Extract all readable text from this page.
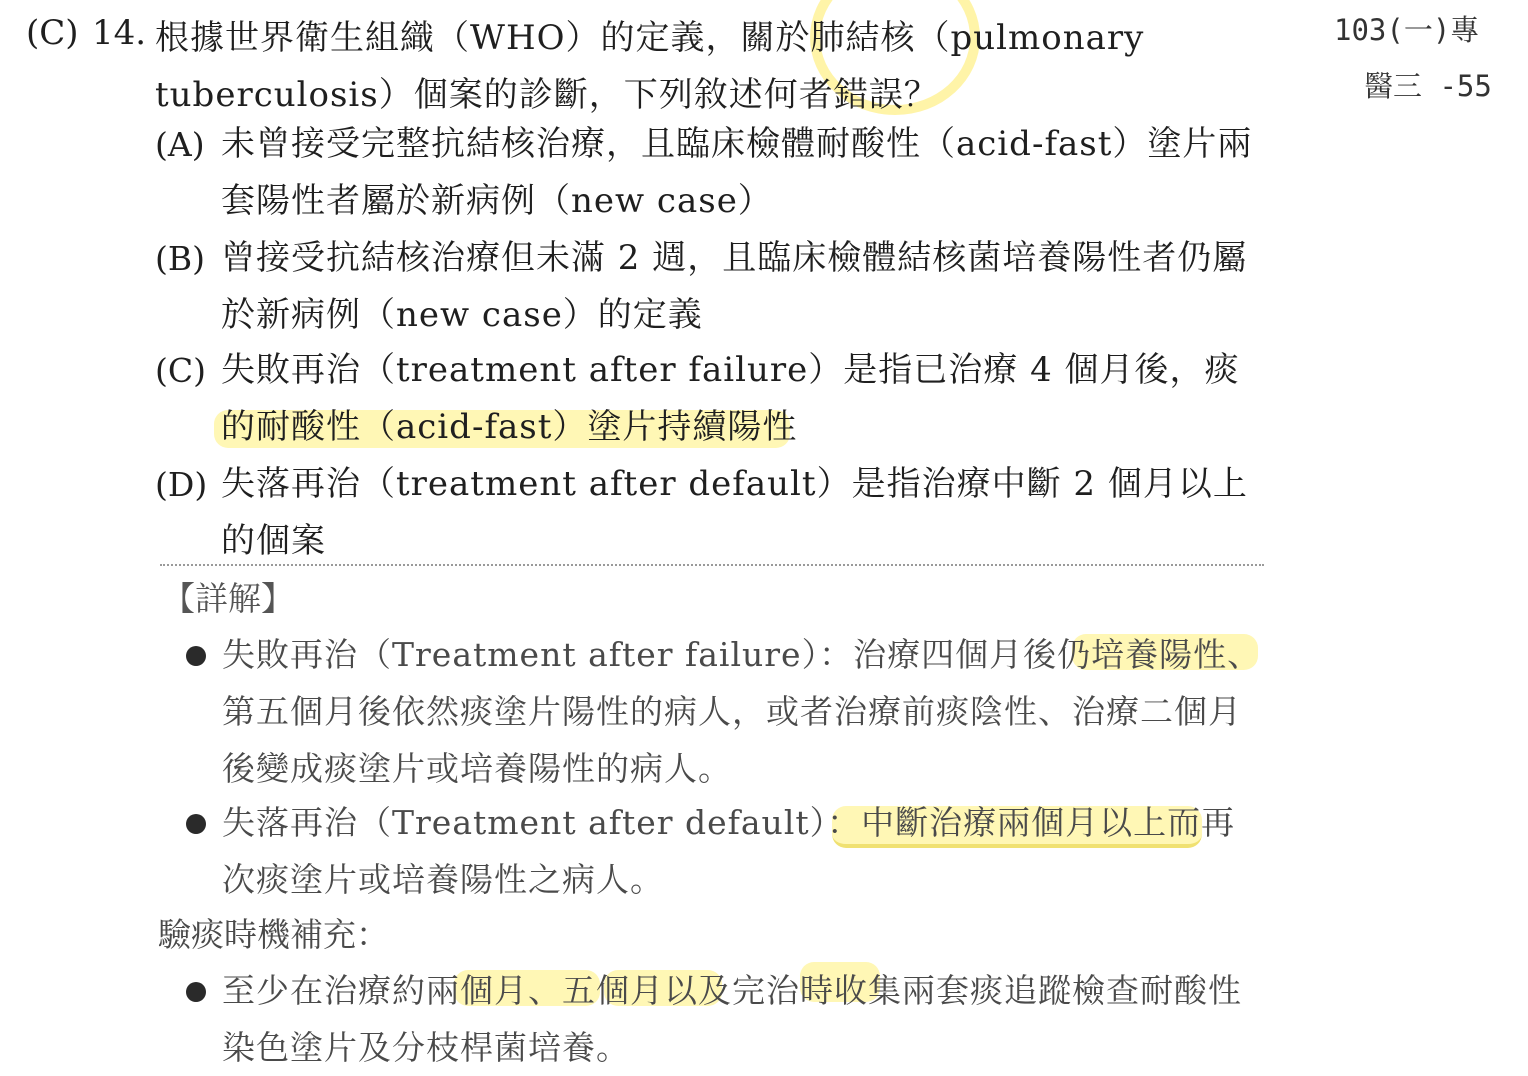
(C) 14. 根據世界衛生組織（WHO）的定義，關於肺結核（pulmonary tuberculosis）個案的診斷，下列敘述何者錯誤？
103(一)專
醫三 -55
(A) 未曾接受完整抗結核治療，且臨床檢體耐酸性（acid-fast）塗片兩套陽性者屬於新病例（new case）
(B) 曾接受抗結核治療但未滿 2 週，且臨床檢體結核菌培養陽性者仍屬於新病例（new case）的定義
(C) 失敗再治（treatment after failure）是指已治療 4 個月後，痰的耐酸性（acid-fast）塗片持續陽性
(D) 失落再治（treatment after default）是指治療中斷 2 個月以上的個案
【詳解】
失敗再治（Treatment after failure）：治療四個月後仍培養陽性、第五個月後依然痰塗片陽性的病人，或者治療前痰陰性、治療二個月後變成痰塗片或培養陽性的病人。
失落再治（Treatment after default）：中斷治療兩個月以上而再次痰塗片或培養陽性之病人。
驗痰時機補充：
至少在治療約兩個月、五個月以及完治時收集兩套痰追蹤檢查耐酸性染色塗片及分枝桿菌培養。
